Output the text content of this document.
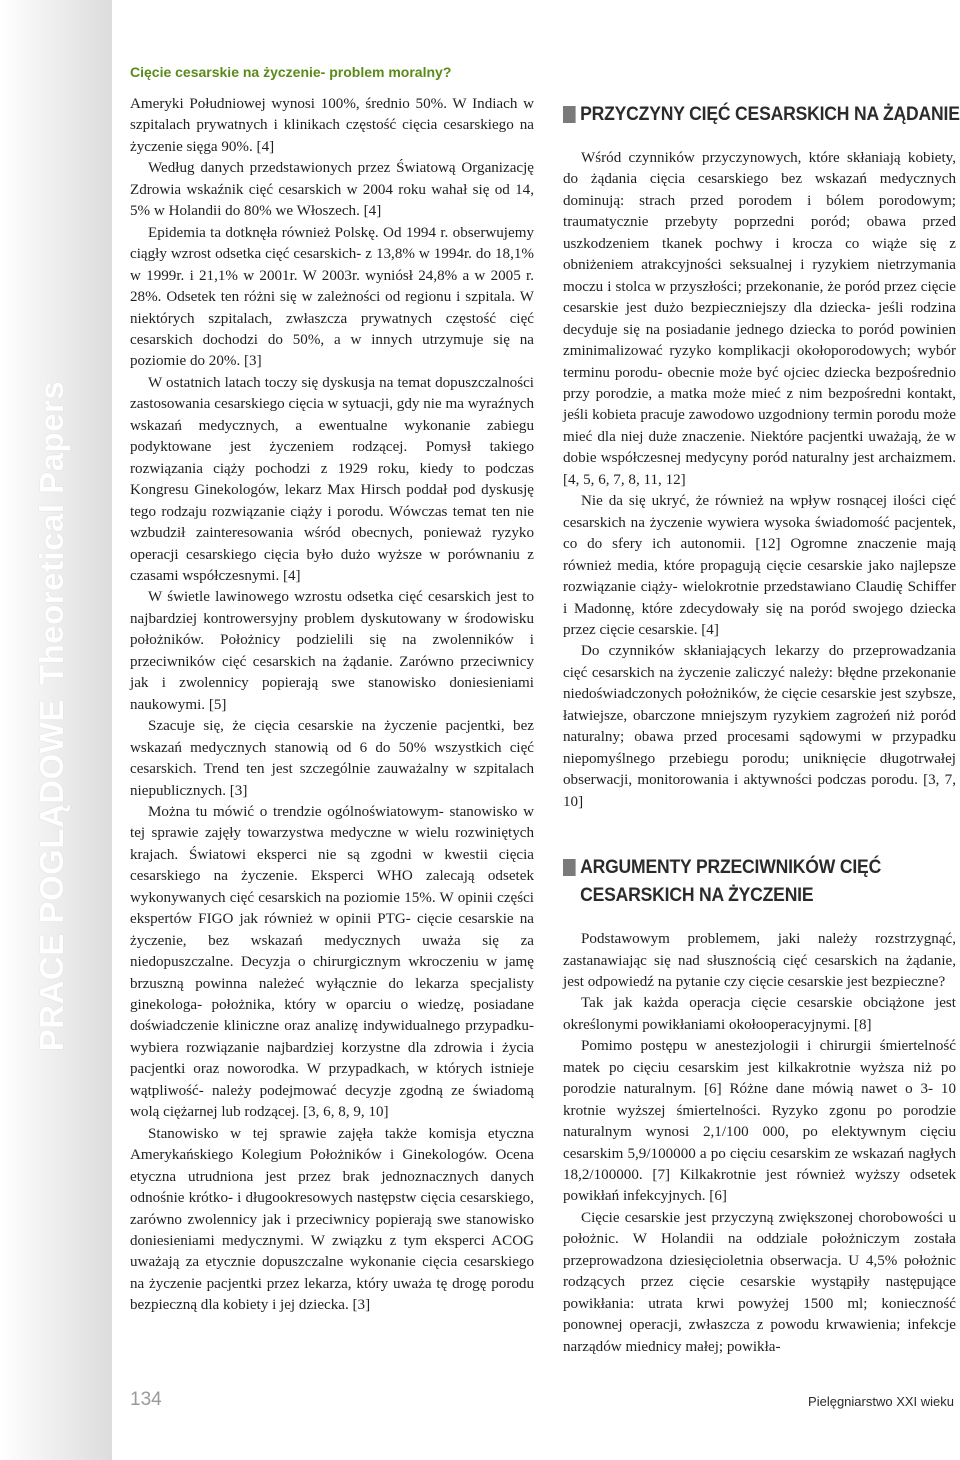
PRACE POGLĄDOWETheoretical Papers
Cięcie cesarskie na życzenie- problem moralny?

Ameryki Południowej wynosi 100%, średnio 50%. W Indiach w szpitalach prywatnych i klinikach częstość cięcia cesarskiego na życzenie sięga 90%. [4]

Według danych przedstawionych przez Światową Organizację Zdrowia wskaźnik cięć cesarskich w 2004 roku wahał się od 14, 5% w Holandii do 80% we Włoszech. [4]

Epidemia ta dotknęła również Polskę. Od 1994 r. obserwujemy ciągły wzrost odsetka cięć cesarskich- z 13,8% w 1994r. do 18,1% w 1999r. i 21,1% w 2001r. W 2003r. wyniósł 24,8% a w 2005 r. 28%. Odsetek ten różni się w zależności od regionu i szpitala. W niektórych szpitalach, zwłaszcza prywatnych częstość cięć cesarskich dochodzi do 50%, a w innych utrzymuje się na poziomie do 20%. [3]

W ostatnich latach toczy się dyskusja na temat dopuszczalności zastosowania cesarskiego cięcia w sytuacji, gdy nie ma wyraźnych wskazań medycznych, a ewentualne wykonanie zabiegu podyktowane jest życzeniem rodzącej. Pomysł takiego rozwiązania ciąży pochodzi z 1929 roku, kiedy to podczas Kongresu Ginekologów, lekarz Max Hirsch poddał pod dyskusję tego rodzaju rozwiązanie ciąży i porodu. Wówczas temat ten nie wzbudził zainteresowania wśród obecnych, ponieważ ryzyko operacji cesarskiego cięcia było dużo wyższe w porównaniu z czasami współczesnymi. [4]

W świetle lawinowego wzrostu odsetka cięć cesarskich jest to najbardziej kontrowersyjny problem dyskutowany w środowisku położników. Położnicy podzielili się na zwolenników i przeciwników cięć cesarskich na żądanie. Zarówno przeciwnicy jak i zwolennicy popierają swe stanowisko doniesieniami naukowymi. [5]

Szacuje się, że cięcia cesarskie na życzenie pacjentki, bez wskazań medycznych stanowią od 6 do 50% wszystkich cięć cesarskich. Trend ten jest szczególnie zauważalny w szpitalach niepublicznych. [3]

Można tu mówić o trendzie ogólnoświatowym- stanowisko w tej sprawie zajęły towarzystwa medyczne w wielu rozwiniętych krajach. Światowi eksperci nie są zgodni w kwestii cięcia cesarskiego na życzenie. Eksperci WHO zalecają odsetek wykonywanych cięć cesarskich na poziomie 15%. W opinii części ekspertów FIGO jak również w opinii PTG- cięcie cesarskie na życzenie, bez wskazań medycznych uważa się za niedopuszczalne. Decyzja o chirurgicznym wkroczeniu w jamę brzuszną powinna należeć wyłącznie do lekarza specjalisty ginekologa- położnika, który w oparciu o wiedzę, posiadane doświadczenie kliniczne oraz analizę indywidualnego przypadku- wybiera rozwiązanie najbardziej korzystne dla zdrowia i życia pacjentki oraz noworodka. W przypadkach, w których istnieje wątpliwość- należy podejmować decyzje zgodną ze świadomą wolą ciężarnej lub rodzącej. [3, 6, 8, 9, 10]

Stanowisko w tej sprawie zajęła także komisja etyczna Amerykańskiego Kolegium Położników i Ginekologów. Ocena etyczna utrudniona jest przez brak jednoznacznych danych odnośnie krótko- i długookresowych następstw cięcia cesarskiego, zarówno zwolennicy jak i przeciwnicy popierają swe stanowisko doniesieniami medycznymi. W związku z tym eksperci ACOG uważają za etycznie dopuszczalne wykonanie cięcia cesarskiego na życzenie pacjentki przez lekarza, który uważa tę drogę porodu bezpieczną dla kobiety i jej dziecka. [3]

PRZYCZYNY CIĘĆ CESARSKICH NA ŻĄDANIE

Wśród czynników przyczynowych, które skłaniają kobiety, do żądania cięcia cesarskiego bez wskazań medycznych dominują: strach przed porodem i bólem porodowym; traumatycznie przebyty poprzedni poród; obawa przed uszkodzeniem tkanek pochwy i krocza co wiąże się z obniżeniem atrakcyjności seksualnej i ryzykiem nietrzymania moczu i stolca w przyszłości; przekonanie, że poród przez cięcie cesarskie jest dużo bezpieczniejszy dla dziecka- jeśli rodzina decyduje się na posiadanie jednego dziecka to poród powinien zminimalizować ryzyko komplikacji okołoporodowych; wybór terminu porodu- obecnie może być ojciec dziecka bezpośrednio przy porodzie, a matka może mieć z nim bezpośredni kontakt, jeśli kobieta pracuje zawodowo uzgodniony termin porodu może mieć dla niej duże znaczenie. Niektóre pacjentki uważają, że w dobie współczesnej medycyny poród naturalny jest archaizmem. [4, 5, 6, 7, 8, 11, 12]

Nie da się ukryć, że również na wpływ rosnącej ilości cięć cesarskich na życzenie wywiera wysoka świadomość pacjentek, co do sfery ich autonomii. [12] Ogromne znaczenie mają również media, które propagują cięcie cesarskie jako najlepsze rozwiązanie ciąży- wielokrotnie przedstawiano Claudię Schiffer i Madonnę, które zdecydowały się na poród swojego dziecka przez cięcie cesarskie. [4]

Do czynników skłaniających lekarzy do przeprowadzania cięć cesarskich na życzenie zaliczyć należy: błędne przekonanie niedoświadczonych położników, że cięcie cesarskie jest szybsze, łatwiejsze, obarczone mniejszym ryzykiem zagrożeń niż poród naturalny; obawa przed procesami sądowymi w przypadku niepomyślnego przebiegu porodu; uniknięcie długotrwałej obserwacji, monitorowania i aktywności podczas porodu. [3, 7, 10]

ARGUMENTY PRZECIWNIKÓW CIĘĆ CESARSKICH NA ŻYCZENIE

Podstawowym problemem, jaki należy rozstrzygnąć, zastanawiając się nad słusznością cięć cesarskich na żądanie, jest odpowiedź na pytanie czy cięcie cesarskie jest bezpieczne?

Tak jak każda operacja cięcie cesarskie obciążone jest określonymi powikłaniami okołooperacyjnymi. [8]

Pomimo postępu w anestezjologii i chirurgii śmiertelność matek po cięciu cesarskim jest kilkakrotnie wyższa niż po porodzie naturalnym. [6] Różne dane mówią nawet o 3- 10 krotnie wyższej śmiertelności. Ryzyko zgonu po porodzie naturalnym wynosi 2,1/100 000, po elektywnym cięciu cesarskim 5,9/100000 a po cięciu cesarskim ze wskazań nagłych 18,2/100000. [7] Kilkakrotnie jest również wyższy odsetek powikłań infekcyjnych. [6]

Cięcie cesarskie jest przyczyną zwiększonej chorobowości u położnic. W Holandii na oddziale położniczym została przeprowadzona dziesięcioletnia obserwacja. U 4,5% położnic rodzących przez cięcie cesarskie wystąpiły następujące powikłania: utrata krwi powyżej 1500 ml; konieczność ponownej operacji, zwłaszcza z powodu krwawienia; infekcje narządów miednicy małej; powikła-

134	Pielęgniarstwo XXI wieku
